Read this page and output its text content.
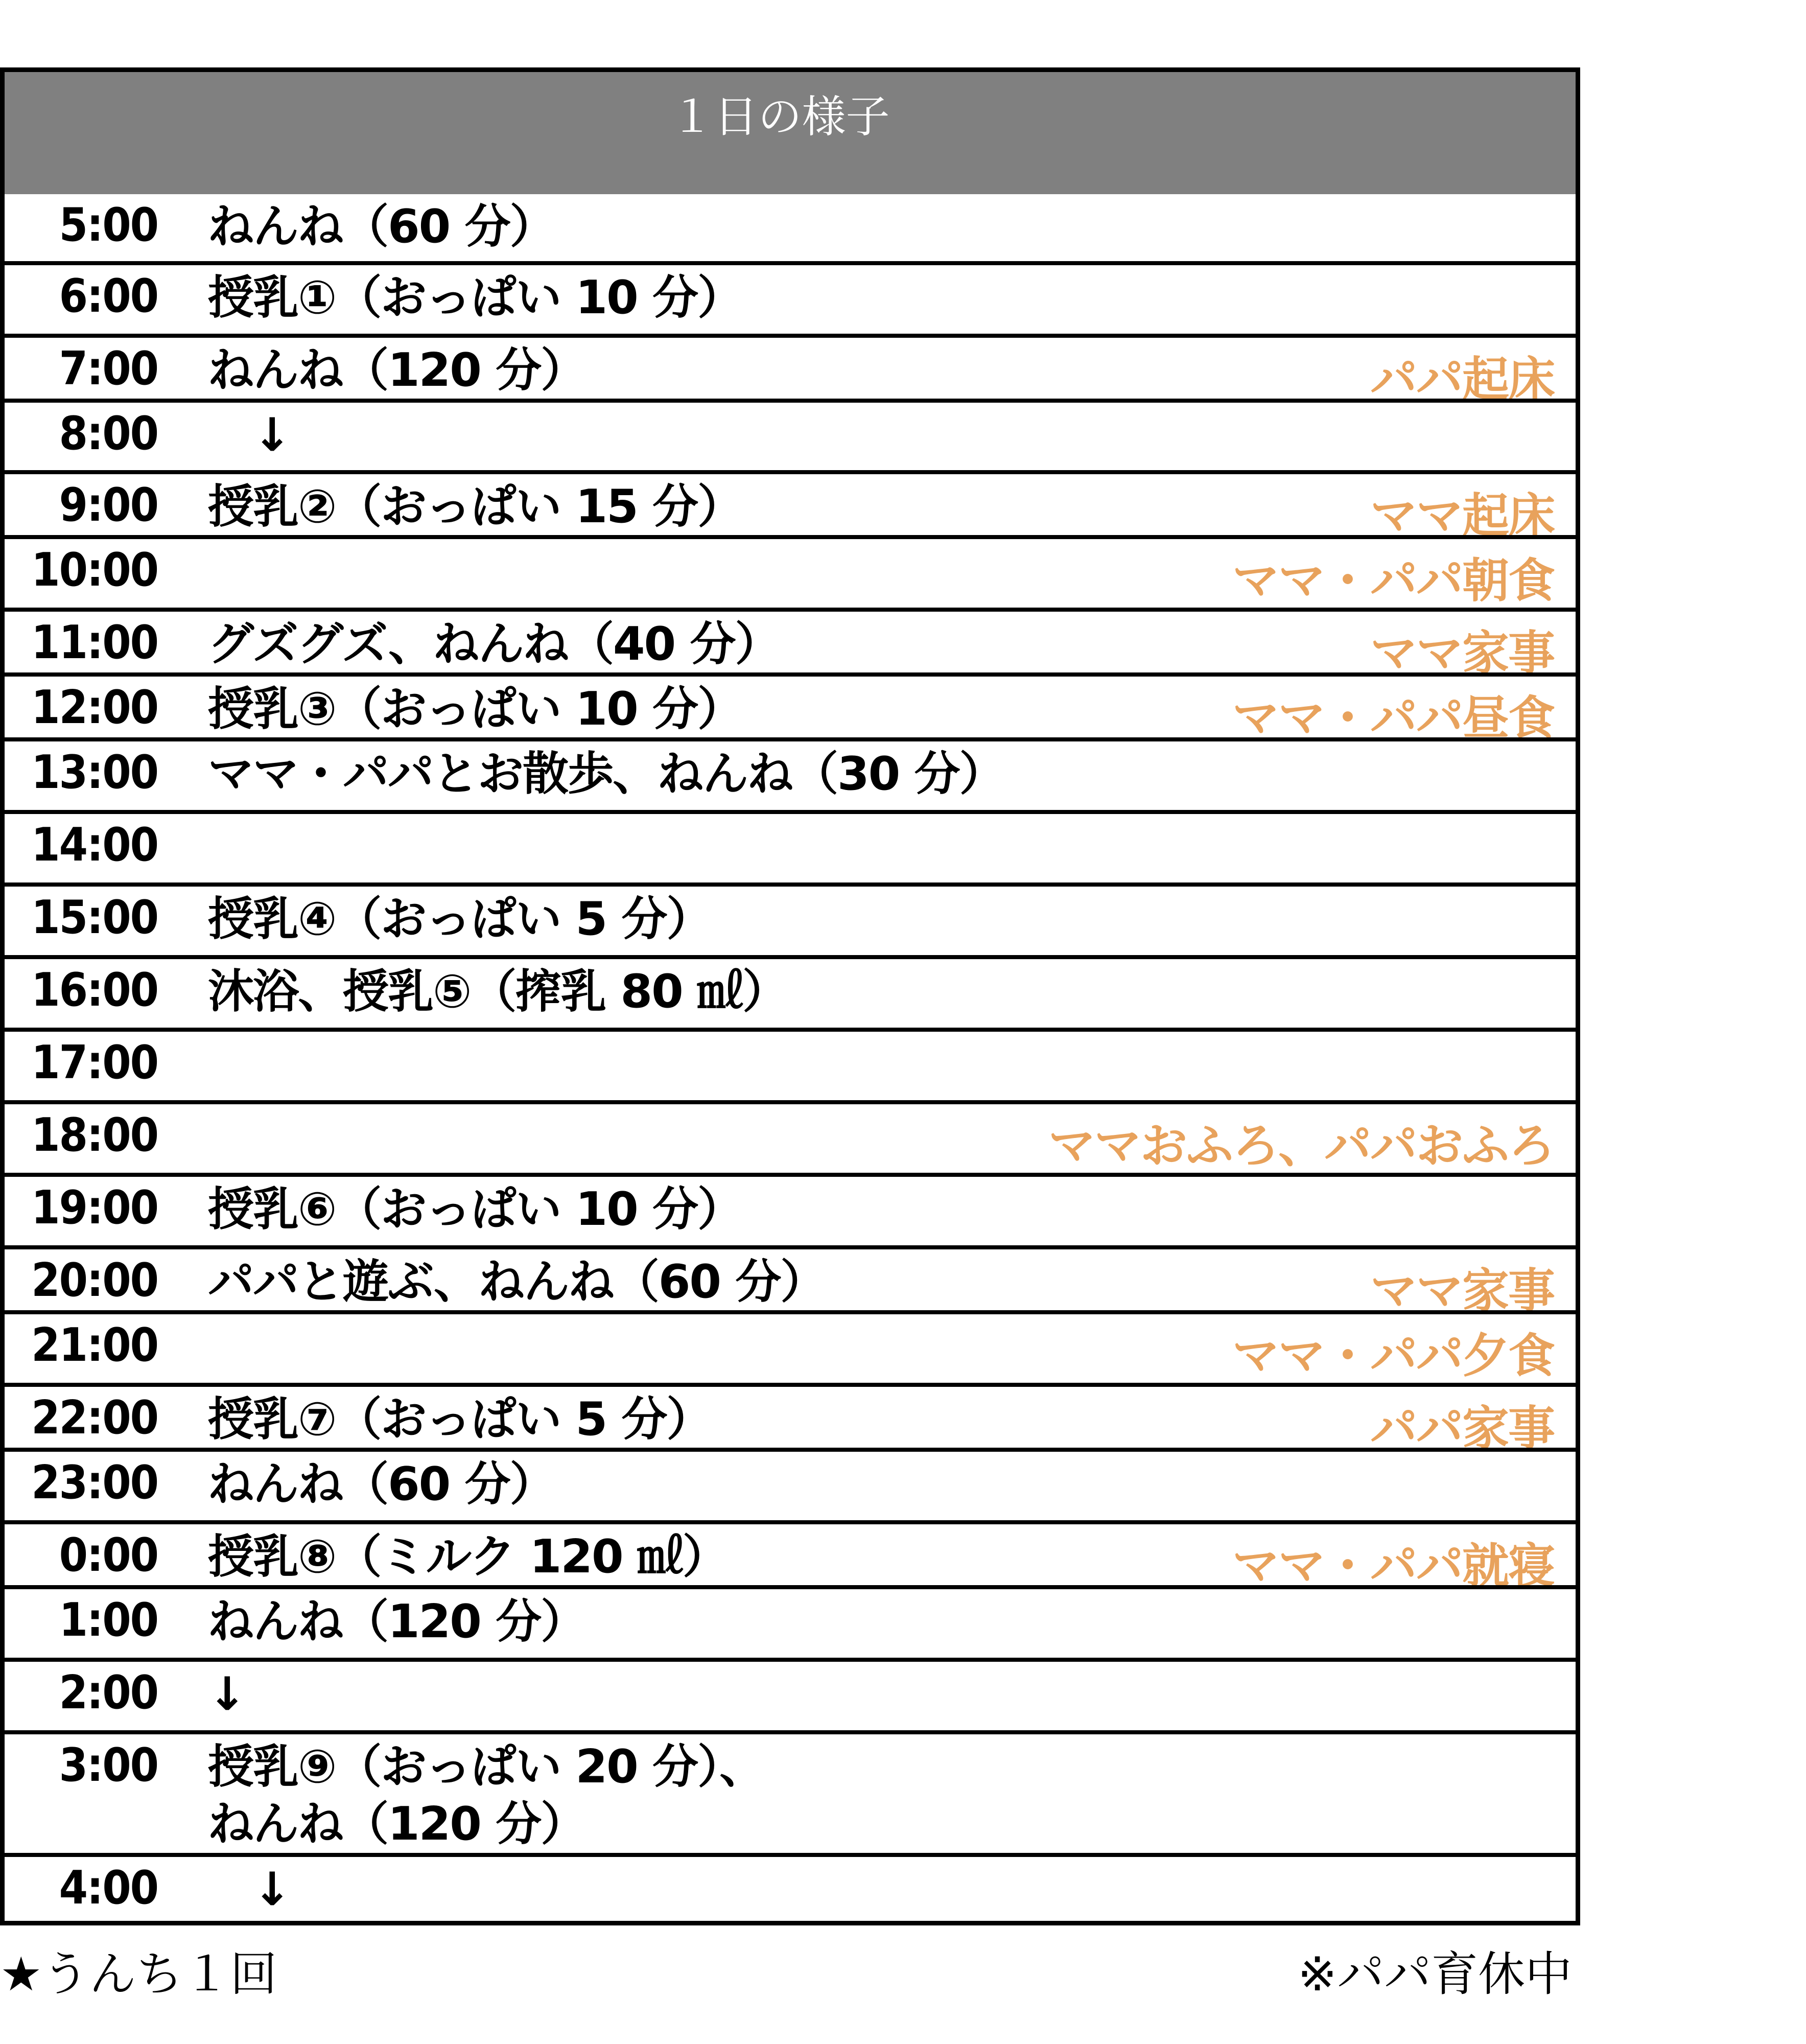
１日の様子
5:00 ねんね（60 分）
6:00 授乳①（おっぱい 10 分）
7:00 ねんね（120 分）	パパ起床
8:00 　↓
9:00 授乳②（おっぱい 15 分）	ママ起床
10:00	ママ・パパ朝食
11:00 グズグズ、ねんね（40 分）	ママ家事
12:00 授乳③（おっぱい 10 分）	ママ・パパ昼食
13:00 ママ・パパとお散歩、ねんね（30 分）
14:00
15:00 授乳④（おっぱい 5 分）
16:00 沐浴、授乳⑤（搾乳 80 ㎖）
17:00
18:00	ママおふろ、パパおふろ
19:00 授乳⑥（おっぱい 10 分）
20:00 パパと遊ぶ、ねんね（60 分）	ママ家事
21:00	ママ・パパ夕食
22:00 授乳⑦（おっぱい 5 分）	パパ家事
23:00 ねんね（60 分）
0:00 授乳⑧（ミルク 120 ㎖）	ママ・パパ就寝
1:00 ねんね（120 分）
2:00 ↓
3:00 授乳⑨（おっぱい 20 分）、
ねんね（120 分）
4:00 　↓
★うんち１回	※パパ育休中
